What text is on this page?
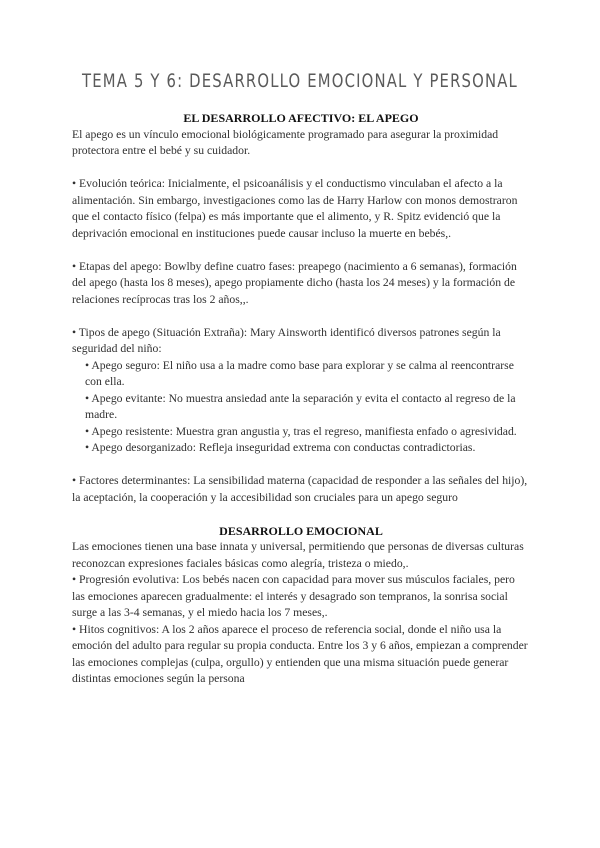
TEMA 5 Y 6: DESARROLLO EMOCIONAL Y PERSONAL

EL DESARROLLO AFECTIVO: EL APEGO

El apego es un vínculo emocional biológicamente programado para asegurar la proximidad protectora entre el bebé y su cuidador.

• Evolución teórica: Inicialmente, el psicoanálisis y el conductismo vinculaban el afecto a la alimentación. Sin embargo, investigaciones como las de Harry Harlow con monos demostraron que el contacto físico (felpa) es más importante que el alimento, y R. Spitz evidenció que la deprivación emocional en instituciones puede causar incluso la muerte en bebés,.

• Etapas del apego: Bowlby define cuatro fases: preapego (nacimiento a 6 semanas), formación del apego (hasta los 8 meses), apego propiamente dicho (hasta los 24 meses) y la formación de relaciones recíprocas tras los 2 años,,.

• Tipos de apego (Situación Extraña): Mary Ainsworth identificó diversos patrones según la seguridad del niño:

• Apego seguro: El niño usa a la madre como base para explorar y se calma al reencontrarse con ella.

• Apego evitante: No muestra ansiedad ante la separación y evita el contacto al regreso de la madre.

• Apego resistente: Muestra gran angustia y, tras el regreso, manifiesta enfado o agresividad.

• Apego desorganizado: Refleja inseguridad extrema con conductas contradictorias.

• Factores determinantes: La sensibilidad materna (capacidad de responder a las señales del hijo), la aceptación, la cooperación y la accesibilidad son cruciales para un apego seguro

DESARROLLO EMOCIONAL

Las emociones tienen una base innata y universal, permitiendo que personas de diversas culturas reconozcan expresiones faciales básicas como alegría, tristeza o miedo,.

• Progresión evolutiva: Los bebés nacen con capacidad para mover sus músculos faciales, pero las emociones aparecen gradualmente: el interés y desagrado son tempranos, la sonrisa social surge a las 3-4 semanas, y el miedo hacia los 7 meses,.

• Hitos cognitivos: A los 2 años aparece el proceso de referencia social, donde el niño usa la emoción del adulto para regular su propia conducta. Entre los 3 y 6 años, empiezan a comprender las emociones complejas (culpa, orgullo) y entienden que una misma situación puede generar distintas emociones según la persona
